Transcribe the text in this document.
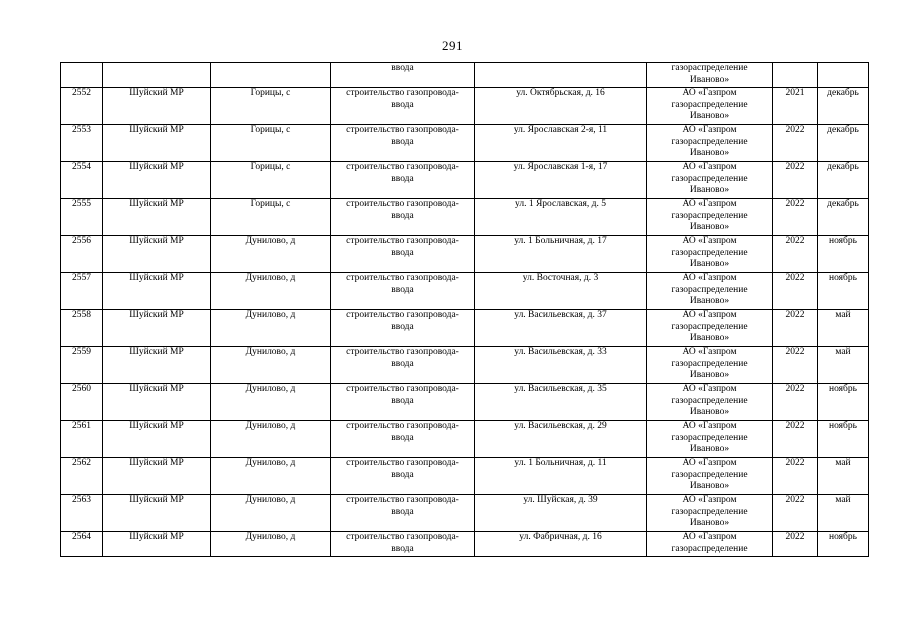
291

			ввода		газораспределение
Иваново»		

2552	Шуйский МР	Горицы, с	строительство газопровода-
ввода	ул. Октябрьская, д. 16	АО «Газпром
газораспределение
Иваново»	2021	декабрь
2553	Шуйский МР	Горицы, с	строительство газопровода-
ввода	ул. Ярославская 2-я, 11	АО «Газпром
газораспределение
Иваново»	2022	декабрь
2554	Шуйский МР	Горицы, с	строительство газопровода-
ввода	ул. Ярославская 1-я, 17	АО «Газпром
газораспределение
Иваново»	2022	декабрь
2555	Шуйский МР	Горицы, с	строительство газопровода-
ввода	ул. 1 Ярославская, д. 5	АО «Газпром
газораспределение
Иваново»	2022	декабрь
2556	Шуйский МР	Дунилово, д	строительство газопровода-
ввода	ул. 1 Больничная, д. 17	АО «Газпром
газораспределение
Иваново»	2022	ноябрь
2557	Шуйский МР	Дунилово, д	строительство газопровода-
ввода	ул. Восточная, д. 3	АО «Газпром
газораспределение
Иваново»	2022	ноябрь
2558	Шуйский МР	Дунилово, д	строительство газопровода-
ввода	ул. Васильевская, д. 37	АО «Газпром
газораспределение
Иваново»	2022	май
2559	Шуйский МР	Дунилово, д	строительство газопровода-
ввода	ул. Васильевская, д. 33	АО «Газпром
газораспределение
Иваново»	2022	май
2560	Шуйский МР	Дунилово, д	строительство газопровода-
ввода	ул. Васильевская, д. 35	АО «Газпром
газораспределение
Иваново»	2022	ноябрь
2561	Шуйский МР	Дунилово, д	строительство газопровода-
ввода	ул. Васильевская, д. 29	АО «Газпром
газораспределение
Иваново»	2022	ноябрь
2562	Шуйский МР	Дунилово, д	строительство газопровода-
ввода	ул. 1 Больничная, д. 11	АО «Газпром
газораспределение
Иваново»	2022	май
2563	Шуйский МР	Дунилово, д	строительство газопровода-
ввода	ул. Шуйская, д. 39	АО «Газпром
газораспределение
Иваново»	2022	май
2564	Шуйский МР	Дунилово, д	строительство газопровода-
ввода	ул. Фабричная, д. 16	АО «Газпром
газораспределение	2022	ноябрь
